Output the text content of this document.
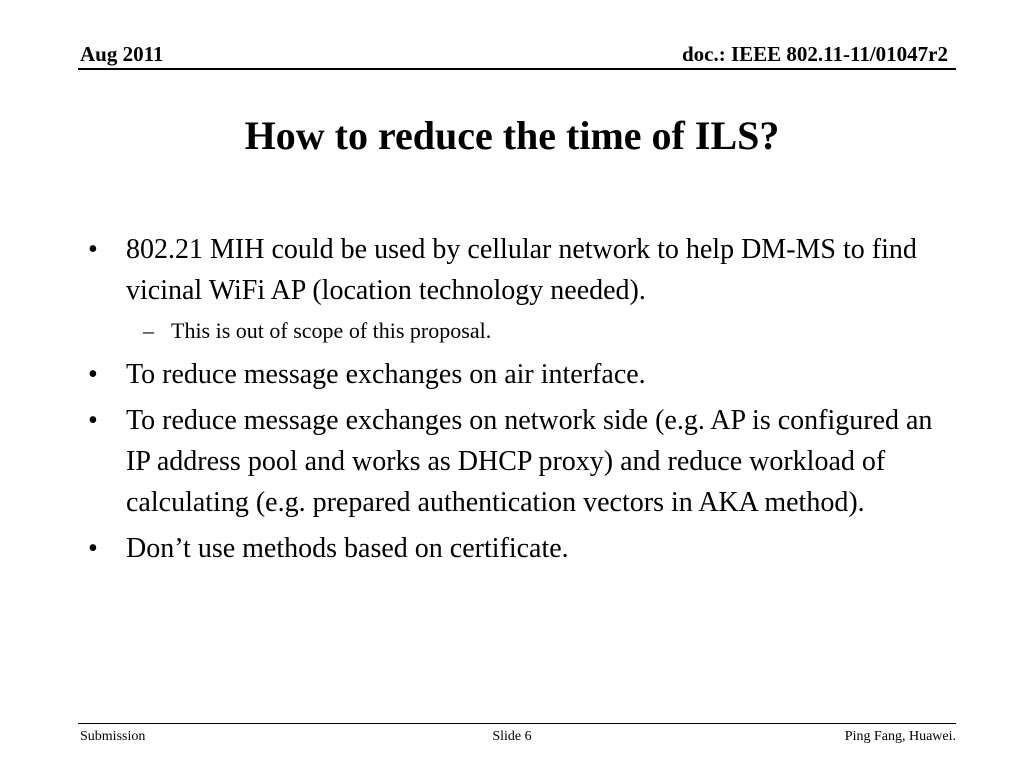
Aug 2011	doc.: IEEE 802.11-11/01047r2
How to reduce the time of ILS?
• 802.21 MIH could be used by cellular network to help DM-MS to find vicinal WiFi AP (location technology needed).
– This is out of scope of this proposal.
• To reduce message exchanges on air interface.
• To reduce message exchanges on network side (e.g. AP is configured an IP address pool and works as DHCP proxy) and reduce workload of calculating (e.g. prepared authentication vectors in AKA method).
• Don’t use methods based on certificate.
Submission	Slide 6	Ping Fang, Huawei.
